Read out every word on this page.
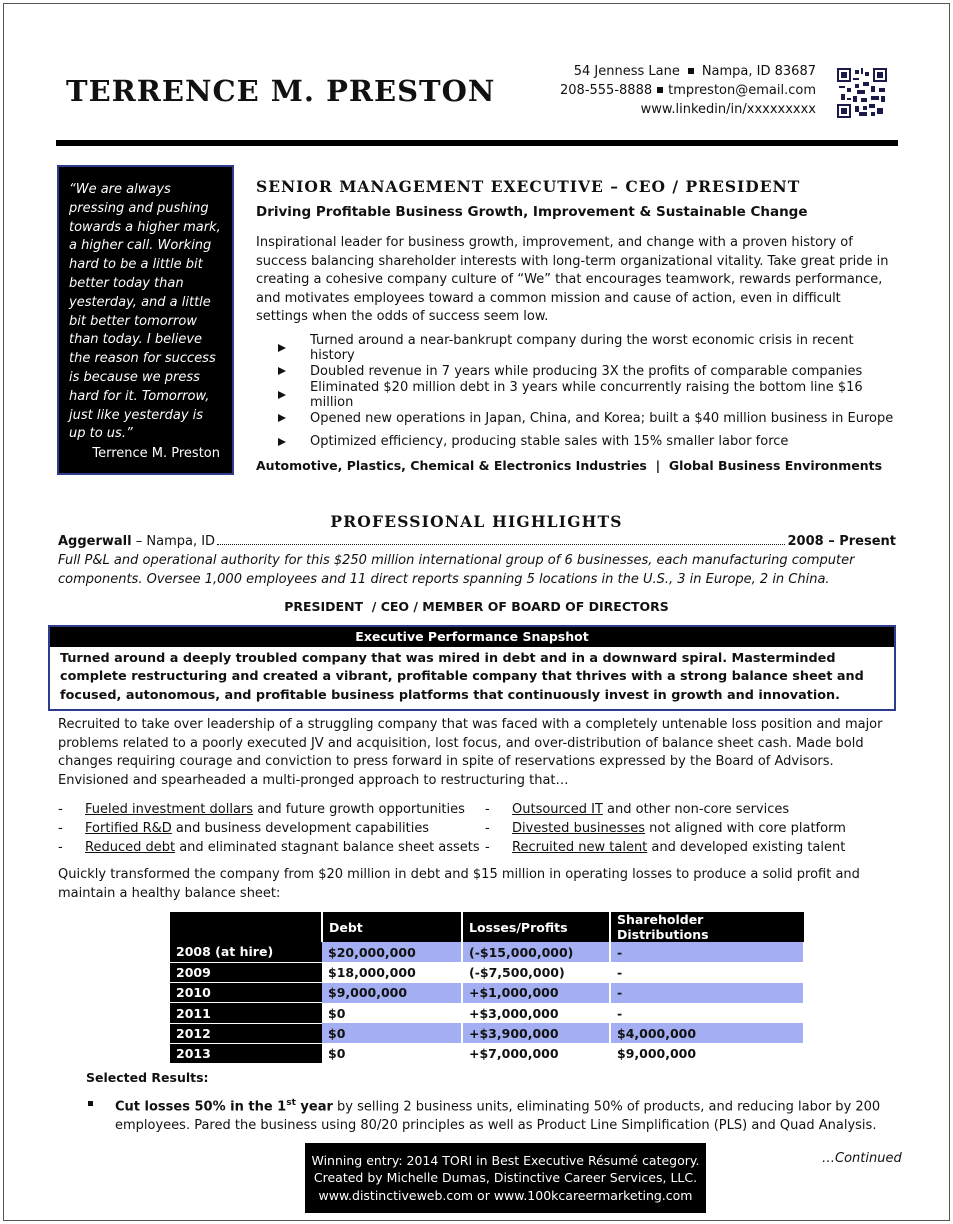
TERRENCE M. PRESTON
54 Jenness Lane Nampa, ID 83687
208-555-8888 tmpreston@email.com
www.linkedin/in/xxxxxxxxx
“We are always pressing and pushing towards a higher mark, a higher call. Working hard to be a little bit better today than yesterday, and a little bit better tomorrow than today. I believe the reason for success is because we press hard for it. Tomorrow, just like yesterday is up to us.”
Terrence M. Preston
SENIOR MANAGEMENT EXECUTIVE – CEO / PRESIDENT
Driving Profitable Business Growth, Improvement & Sustainable Change
Inspirational leader for business growth, improvement, and change with a proven history of success balancing shareholder interests with long-term organizational vitality. Take great pride in creating a cohesive company culture of “We” that encourages teamwork, rewards performance, and motivates employees toward a common mission and cause of action, even in difficult settings when the odds of success seem low.
Turned around a near-bankrupt company during the worst economic crisis in recent history
Doubled revenue in 7 years while producing 3X the profits of comparable companies
Eliminated $20 million debt in 3 years while concurrently raising the bottom line $16 million
Opened new operations in Japan, China, and Korea; built a $40 million business in Europe
Optimized efficiency, producing stable sales with 15% smaller labor force
Automotive, Plastics, Chemical & Electronics Industries  |  Global Business Environments
PROFESSIONAL HIGHLIGHTS
Aggerwall
– Nampa, ID	2008 – Present
Full P&L and operational authority for this $250 million international group of 6 businesses, each manufacturing computer components. Oversee 1,000 employees and 11 direct reports spanning 5 locations in the U.S., 3 in Europe, 2 in China.
PRESIDENT  / CEO / MEMBER OF BOARD OF DIRECTORS
Executive Performance Snapshot
Turned around a deeply troubled company that was mired in debt and in a downward spiral. Masterminded complete restructuring and created a vibrant, profitable company that thrives with a strong balance sheet and focused, autonomous, and profitable business platforms that continuously invest in growth and innovation.
Recruited to take over leadership of a struggling company that was faced with a completely untenable loss position and major problems related to a poorly executed JV and acquisition, lost focus, and over-distribution of balance sheet cash. Made bold changes requiring courage and conviction to press forward in spite of reservations expressed by the Board of Advisors. Envisioned and spearheaded a multi-pronged approach to restructuring that…
-	Fueled investment dollars and future growth opportunities
-	Fortified R&D and business development capabilities
-	Reduced debt and eliminated stagnant balance sheet assets
-	Outsourced IT and other non-core services
-	Divested businesses not aligned with core platform
-	Recruited new talent and developed existing talent
Quickly transformed the company from $20 million in debt and $15 million in operating losses to produce a solid profit and maintain a healthy balance sheet:
	Debt	Losses/Profits	Shareholder Distributions
2008 (at hire)	$20,000,000	(-$15,000,000)	-
2009	$18,000,000	(-$7,500,000)	-
2010	$9,000,000	+$1,000,000	-
2011	$0	+$3,000,000	-
2012	$0	+$3,900,000	$4,000,000
2013	$0	+$7,000,000	$9,000,000
Selected Results:
Cut losses 50% in the 1st year by selling 2 business units, eliminating 50% of products, and reducing labor by 200 employees. Pared the business using 80/20 principles as well as Product Line Simplification (PLS) and Quad Analysis.
…Continued
Winning entry: 2014 TORI in Best Executive Résumé category.
Created by Michelle Dumas, Distinctive Career Services, LLC.
www.distinctiveweb.com or www.100kcareermarketing.com
